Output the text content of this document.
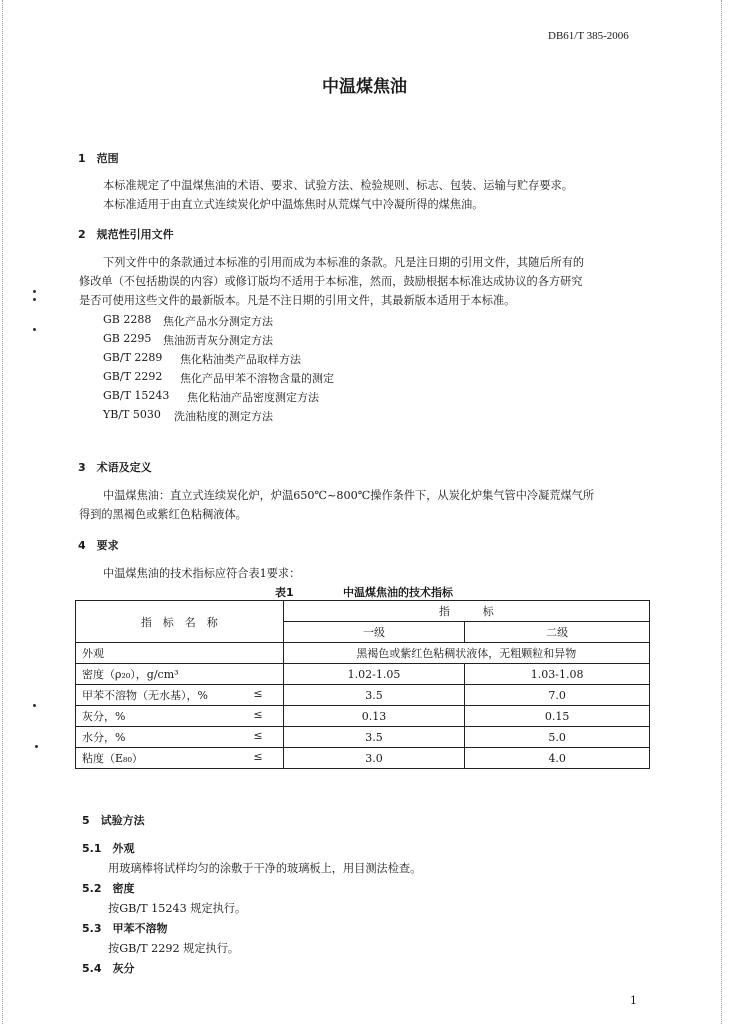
DB61/T 385-2006
中温煤焦油
1　范围
本标准规定了中温煤焦油的术语、要求、试验方法、检验规则、标志、包装、运输与贮存要求。
本标准适用于由直立式连续炭化炉中温炼焦时从荒煤气中冷凝所得的煤焦油。
2　规范性引用文件
下列文件中的条款通过本标准的引用而成为本标准的条款。凡是注日期的引用文件，其随后所有的
修改单（不包括勘误的内容）或修订版均不适用于本标准，然而，鼓励根据本标准达成协议的各方研究
是否可使用这些文件的最新版本。凡是不注日期的引用文件，其最新版本适用于本标准。
GB 2288 焦化产品水分测定方法
GB 2295 焦油沥青灰分测定方法
GB/T 2289 焦化粘油类产品取样方法
GB/T 2292 焦化产品甲苯不溶物含量的测定
GB/T 15243 焦化粘油产品密度测定方法
YB/T 5030 洗油粘度的测定方法
3　术语及定义
中温煤焦油：直立式连续炭化炉，炉温650℃~800℃操作条件下，从炭化炉集气管中冷凝荒煤气所
得到的黑褐色或紫红色粘稠液体。
4　要求
中温煤焦油的技术指标应符合表1要求：
表1	中温煤焦油的技术指标
指　标　名　称	指　　　标	
	一级	二级
外观	黑褐色或紫红色粘稠状液体，无粗颗粒和异物	
密度（ρ₂₀），g/cm³	1.02-1.05	1.03-1.08
甲苯不溶物（无水基），% ≤	3.5	7.0
灰分，% ≤	0.13	0.15
水分，% ≤	3.5	5.0
粘度（E₈₀） ≤	3.0	4.0
5　试验方法
5.1　外观
用玻璃棒将试样均匀的涂敷于干净的玻璃板上，用目测法检查。
5.2　密度
按GB/T 15243 规定执行。
5.3　甲苯不溶物
按GB/T 2292 规定执行。
5.4　灰分
1
